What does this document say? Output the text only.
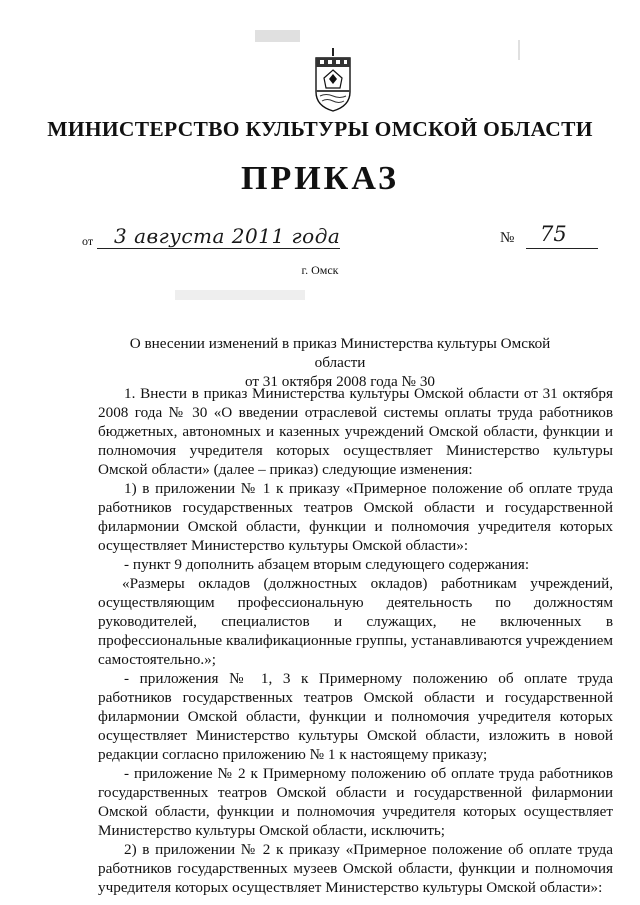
МИНИСТЕРСТВО КУЛЬТУРЫ ОМСКОЙ ОБЛАСТИ
ПРИКАЗ
от 3 августа 2011 года	№ 75
г. Омск
О внесении изменений в приказ Министерства культуры Омской области
от 31 октября 2008 года № 30

1. Внести в приказ Министерства культуры Омской области от 31 октября 2008 года № 30 «О введении отраслевой системы оплаты труда работников бюджетных, автономных и казенных учреждений Омской области, функции и полномочия учредителя которых осуществляет Министерство культуры Омской области» (далее – приказ) следующие изменения:

1) в приложении № 1 к приказу «Примерное положение об оплате труда работников государственных театров Омской области и государственной филармонии Омской области, функции и полномочия учредителя которых осуществляет Министерство культуры Омской области»:

- пункт 9 дополнить абзацем вторым следующего содержания:

«Размеры окладов (должностных окладов) работникам учреждений, осуществляющим профессиональную деятельность по должностям руководителей, специалистов и служащих, не включенных в профессиональные квалификационные группы, устанавливаются учреждением самостоятельно.»;

- приложения № 1, 3 к Примерному положению об оплате труда работников государственных театров Омской области и государственной филармонии Омской области, функции и полномочия учредителя которых осуществляет Министерство культуры Омской области, изложить в новой редакции согласно приложению № 1 к настоящему приказу;

- приложение № 2 к Примерному положению об оплате труда работников государственных театров Омской области и государственной филармонии Омской области, функции и полномочия учредителя которых осуществляет Министерство культуры Омской области, исключить;

2) в приложении № 2 к приказу «Примерное положение об оплате труда работников государственных музеев Омской области, функции и полномочия учредителя которых осуществляет Министерство культуры Омской области»:
